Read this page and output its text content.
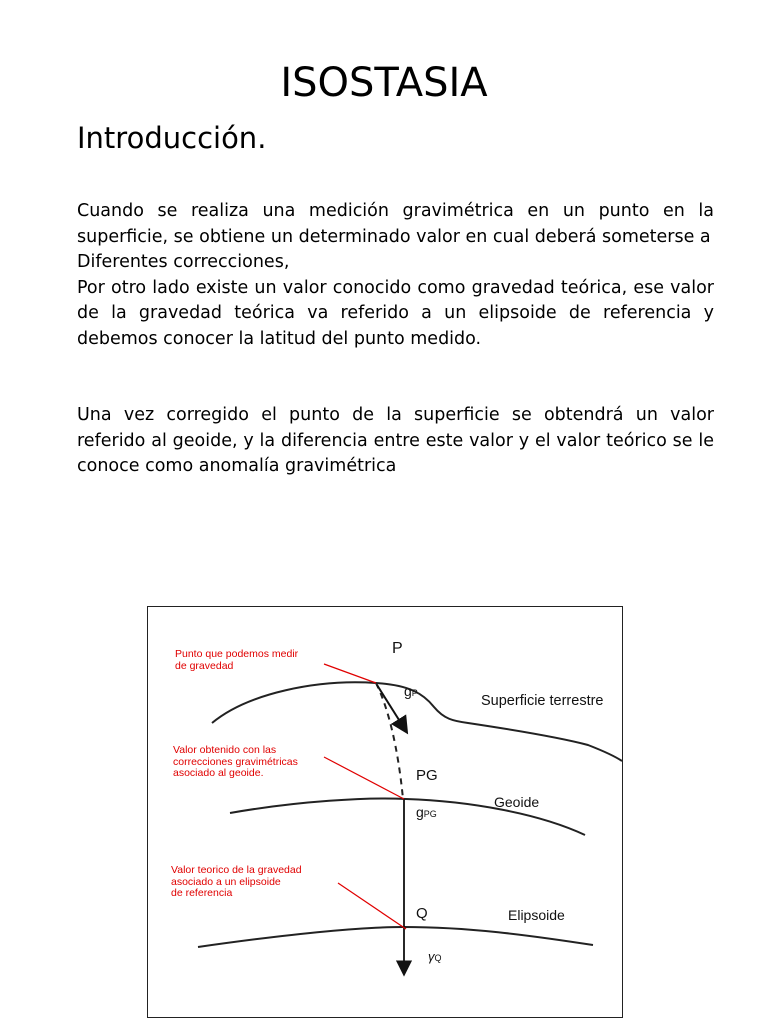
ISOSTASIA
Introducción.
Cuando se realiza una medición gravimétrica en un punto en la superficie, se obtiene un determinado valor en cual deberá someterse a
Diferentes correcciones,
Por otro lado existe un valor conocido como gravedad teórica, ese valor de la gravedad teórica va referido a un elipsoide de referencia y debemos conocer la latitud del punto medido.
Una vez corregido el punto de la superficie se obtendrá un valor referido al geoide, y la diferencia entre este valor y el valor teórico se le conoce como anomalía gravimétrica
Punto que podemos medir
de gravedad
Valor obtenido con las
correcciones gravimétricas
asociado al geoide.
Valor teorico de la gravedad
asociado a un elipsoide
de referencia
P
gP	Superficie terrestre
PG
Geoide
gPG
Q	Elipsoide
γQ
